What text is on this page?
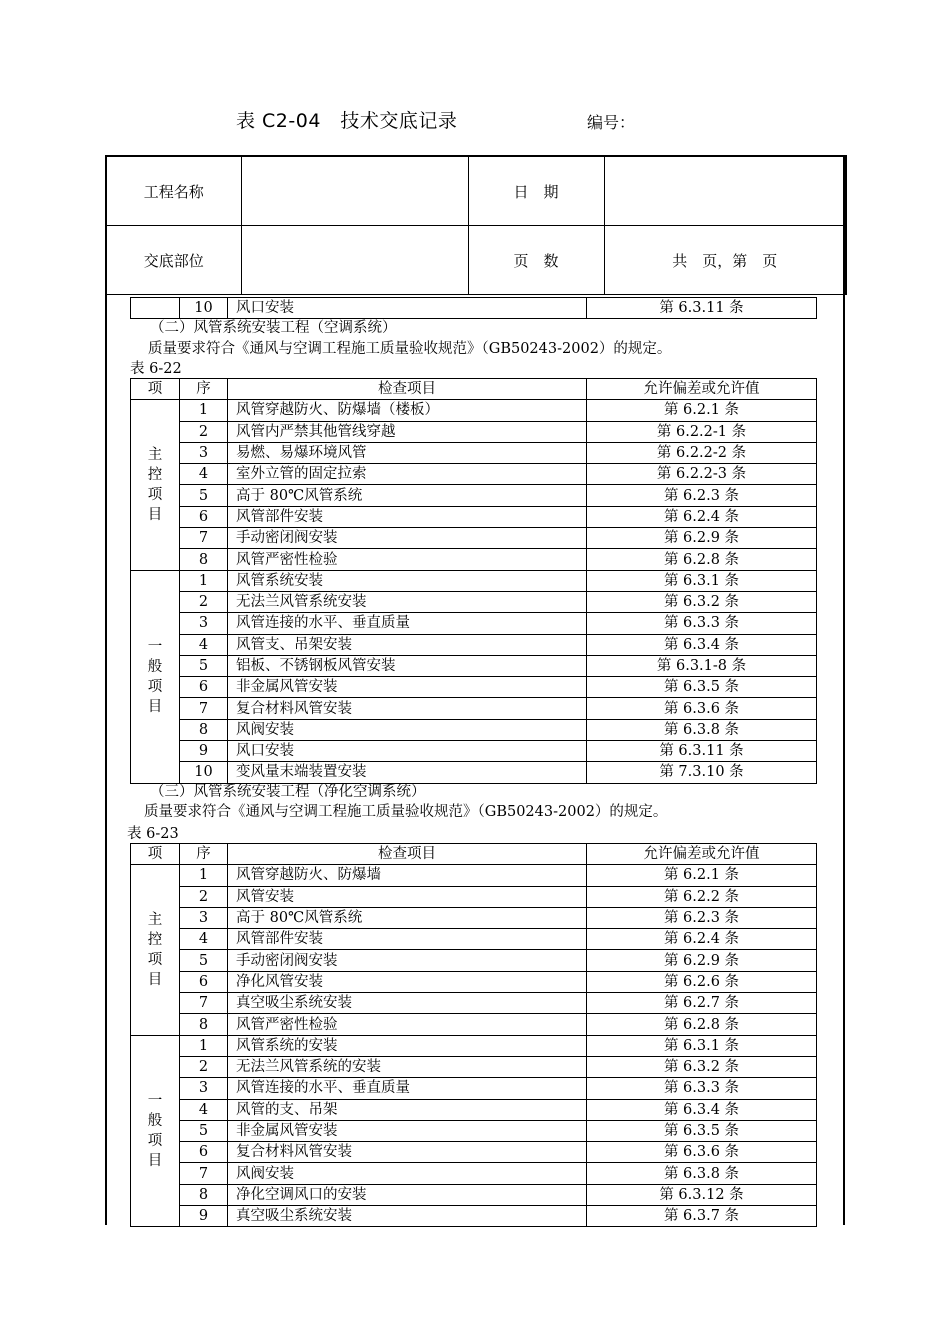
表 C2-04　技术交底记录	编号：
工程名称		日　期	
交底部位		页　数	共　页，第　页
	10	风口安装	第 6.3.11 条
（二）风管系统安装工程（空调系统）
质量要求符合《通风与空调工程施工质量验收规范》（GB50243-2002）的规定。
表 6-22
项	序	检查项目	允许偏差或允许值
主控项目	1	风管穿越防火、防爆墙（楼板）	第 6.2.1 条
	2	风管内严禁其他管线穿越	第 6.2.2-1 条
	3	易燃、易爆环境风管	第 6.2.2-2 条
	4	室外立管的固定拉索	第 6.2.2-3 条
	5	高于 80℃风管系统	第 6.2.3 条
	6	风管部件安装	第 6.2.4 条
	7	手动密闭阀安装	第 6.2.9 条
	8	风管严密性检验	第 6.2.8 条
一般项目	1	风管系统安装	第 6.3.1 条
	2	无法兰风管系统安装	第 6.3.2 条
	3	风管连接的水平、垂直质量	第 6.3.3 条
	4	风管支、吊架安装	第 6.3.4 条
	5	铝板、不锈钢板风管安装	第 6.3.1-8 条
	6	非金属风管安装	第 6.3.5 条
	7	复合材料风管安装	第 6.3.6 条
	8	风阀安装	第 6.3.8 条
	9	风口安装	第 6.3.11 条
	10	变风量末端装置安装	第 7.3.10 条
（三）风管系统安装工程（净化空调系统）
质量要求符合《通风与空调工程施工质量验收规范》（GB50243-2002）的规定。
表 6-23
项	序	检查项目	允许偏差或允许值
主控项目	1	风管穿越防火、防爆墙	第 6.2.1 条
	2	风管安装	第 6.2.2 条
	3	高于 80℃风管系统	第 6.2.3 条
	4	风管部件安装	第 6.2.4 条
	5	手动密闭阀安装	第 6.2.9 条
	6	净化风管安装	第 6.2.6 条
	7	真空吸尘系统安装	第 6.2.7 条
	8	风管严密性检验	第 6.2.8 条
一般项目	1	风管系统的安装	第 6.3.1 条
	2	无法兰风管系统的安装	第 6.3.2 条
	3	风管连接的水平、垂直质量	第 6.3.3 条
	4	风管的支、吊架	第 6.3.4 条
	5	非金属风管安装	第 6.3.5 条
	6	复合材料风管安装	第 6.3.6 条
	7	风阀安装	第 6.3.8 条
	8	净化空调风口的安装	第 6.3.12 条
	9	真空吸尘系统安装	第 6.3.7 条
